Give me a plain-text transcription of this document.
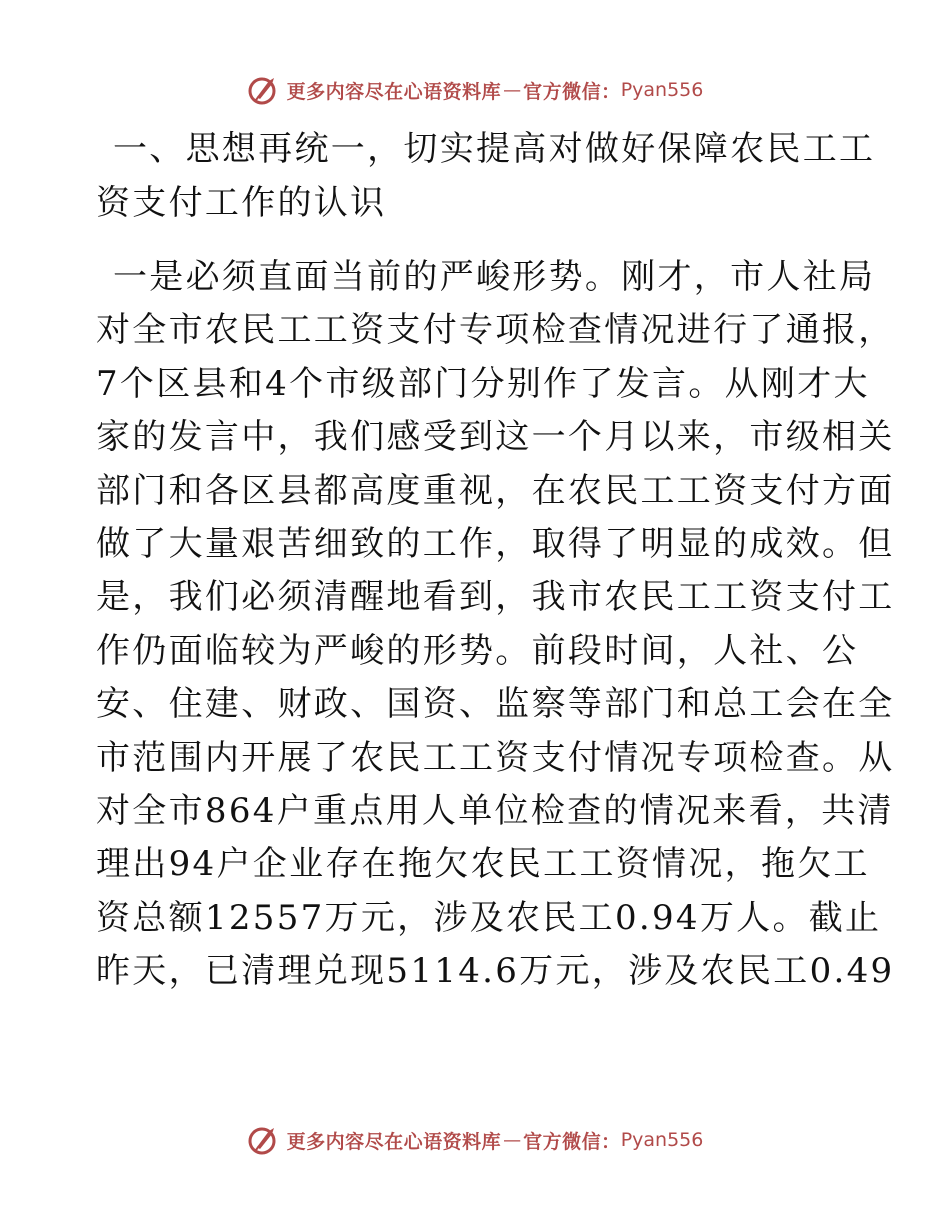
更多内容尽在心语资料库 — 官方微信： Pyan556
一、思想再统一，切实提高对做好保障农民工工
资支付工作的认识
一是必须直面当前的严峻形势。刚才，市人社局
对全市农民工工资支付专项检查情况进行了通报，
7个区县和4个市级部门分别作了发言。从刚才大
家的发言中，我们感受到这一个月以来，市级相关
部门和各区县都高度重视，在农民工工资支付方面
做了大量艰苦细致的工作，取得了明显的成效。但
是，我们必须清醒地看到，我市农民工工资支付工
作仍面临较为严峻的形势。前段时间，人社、公
安、住建、财政、国资、监察等部门和总工会在全
市范围内开展了农民工工资支付情况专项检查。从
对全市864户重点用人单位检查的情况来看，共清
理出94户企业存在拖欠农民工工资情况，拖欠工
资总额12557万元，涉及农民工0.94万人。截止
昨天，已清理兑现5114.6万元，涉及农民工0.49
更多内容尽在心语资料库 — 官方微信： Pyan556
